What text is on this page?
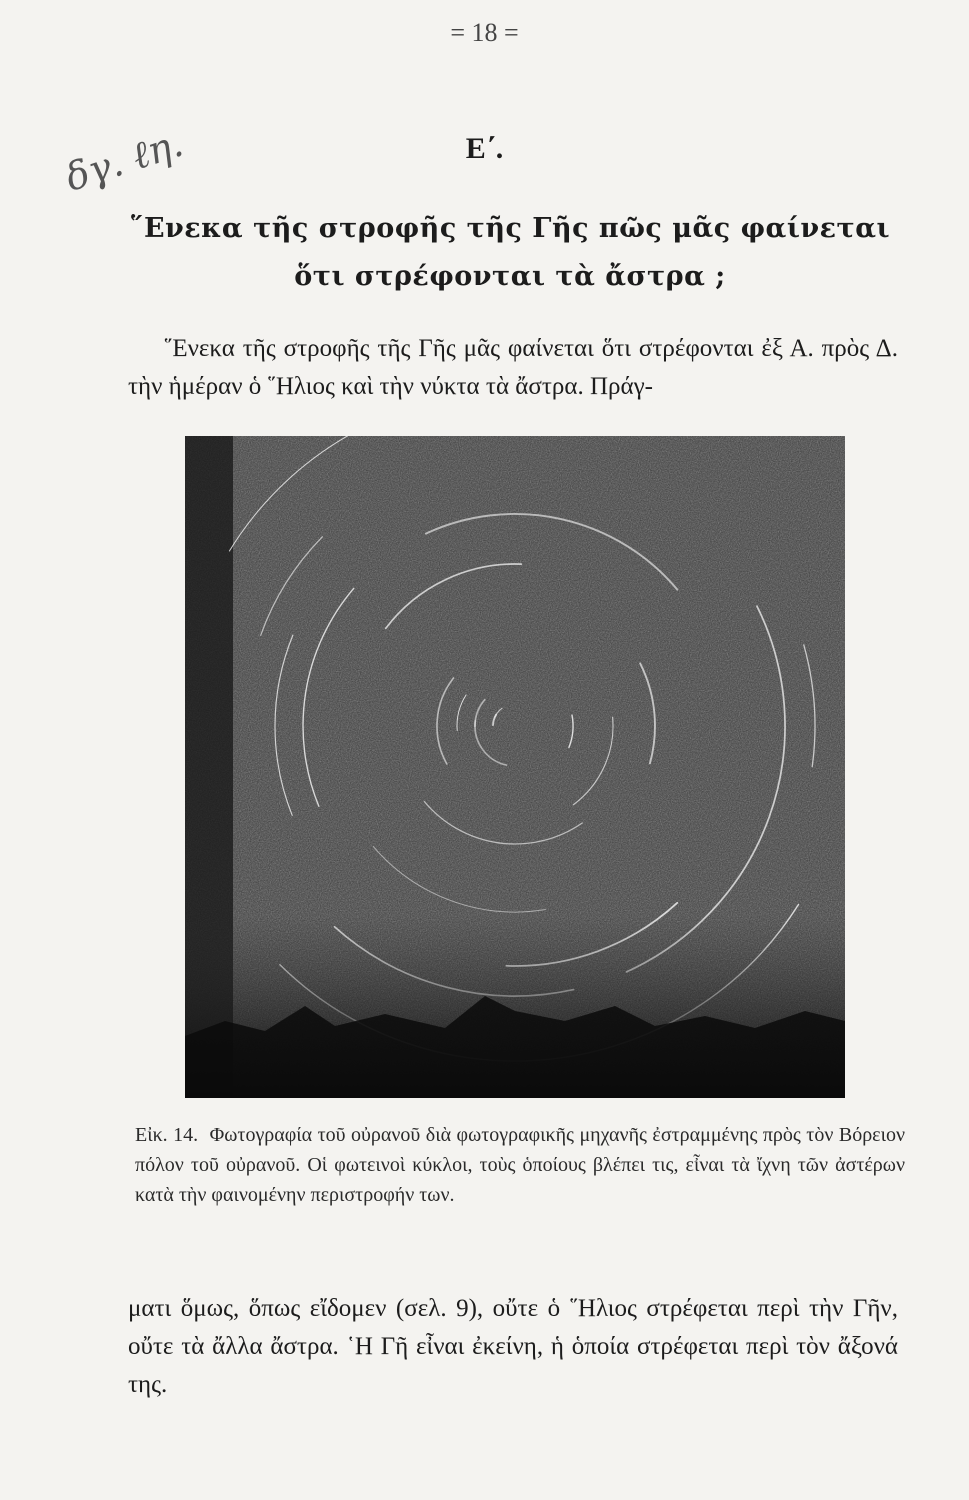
= 18 =
Ε΄.
δγ. ℓη.
῞Ενεκα τῆς στροφῆς τῆς Γῆς πῶς μᾶς φαίνεται ὅτι στρέφονται τὰ ἄστρα ;
῞Ενεκα τῆς στροφῆς τῆς Γῆς μᾶς φαίνεται ὅτι στρέφονται ἐξ Α. πρὸς Δ. τὴν ἡμέραν ὁ ῞Ηλιος καὶ τὴν νύκτα τὰ ἄστρα. Πράγ-
Εἰκ. 14. Φωτογραφία τοῦ οὐρανοῦ διὰ φωτογραφικῆς μηχανῆς ἐστραμμένης πρὸς τὸν Βόρειον πόλον τοῦ οὐρανοῦ. Οἱ φωτεινοὶ κύκλοι, τοὺς ὁποίους βλέπει τις, εἶναι τὰ ἴχνη τῶν ἀστέρων κατὰ τὴν φαινομένην περιστροφήν των.
ματι ὅμως, ὅπως εἴδομεν (σελ. 9), οὔτε ὁ ῞Ηλιος στρέφεται περὶ τὴν Γῆν, οὔτε τὰ ἄλλα ἄστρα. ῾Η Γῆ εἶναι ἐκείνη, ἡ ὁποία στρέφεται περὶ τὸν ἄξονά της.
